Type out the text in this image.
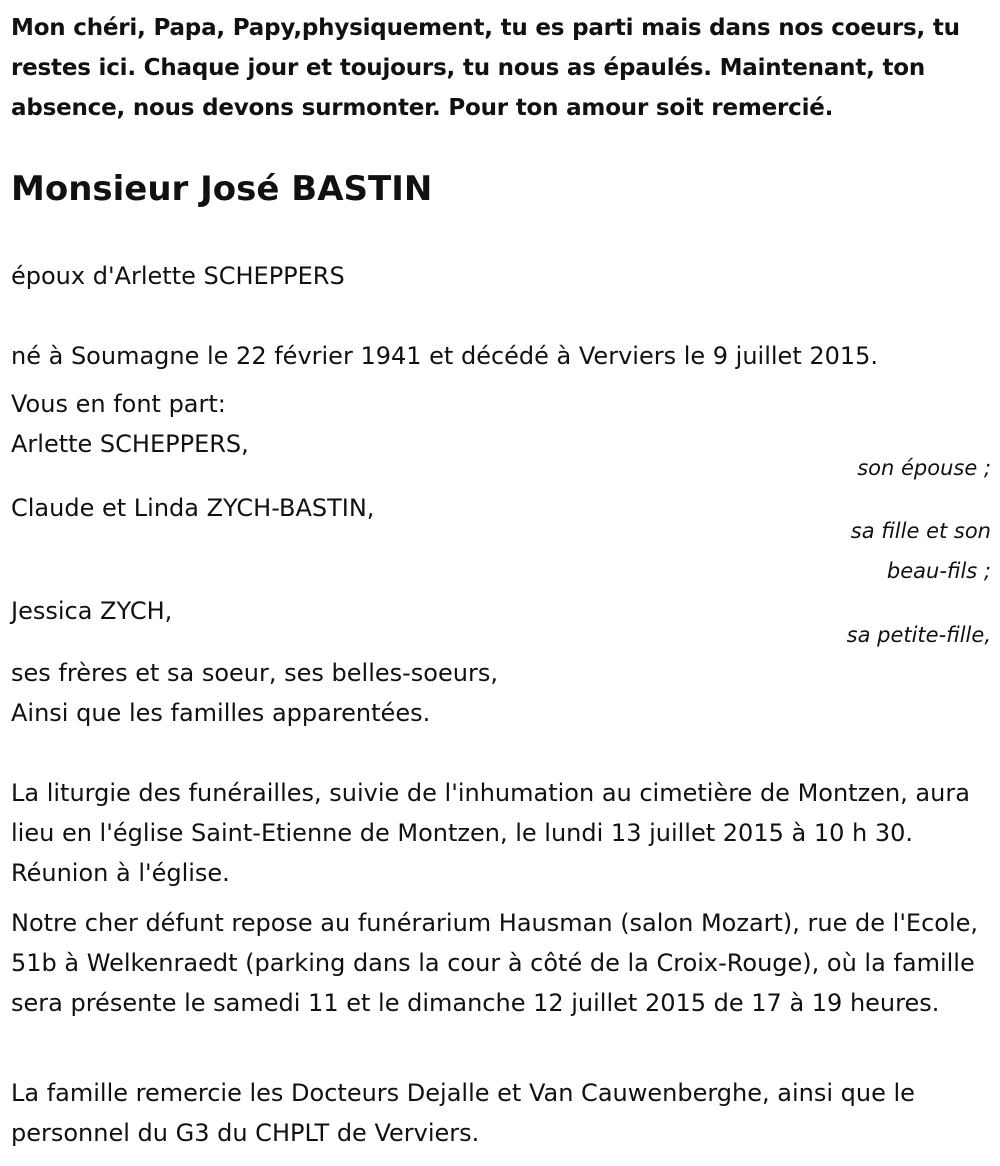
Mon chéri, Papa, Papy,physiquement, tu es parti mais dans nos coeurs, tu restes ici. Chaque jour et toujours, tu nous as épaulés. Maintenant, ton absence, nous devons surmonter. Pour ton amour soit remercié.

Monsieur José BASTIN

époux d'Arlette SCHEPPERS

né à Soumagne le 22 février 1941 et décédé à Verviers le 9 juillet 2015.

Vous en font part:

Arlette SCHEPPERS,

son épouse ;

Claude et Linda ZYCH-BASTIN,

sa fille et son
beau-fils ;

Jessica ZYCH,

sa petite-fille,

ses frères et sa soeur, ses belles-soeurs,

Ainsi que les familles apparentées.

La liturgie des funérailles, suivie de l'inhumation au cimetière de Montzen, aura lieu en l'église Saint-Etienne de Montzen, le lundi 13 juillet 2015 à 10 h 30. Réunion à l'église.

Notre cher défunt repose au funérarium Hausman (salon Mozart), rue de l'Ecole, 51b à Welkenraedt (parking dans la cour à côté de la Croix-Rouge), où la famille sera présente le samedi 11 et le dimanche 12 juillet 2015 de 17 à 19 heures.

La famille remercie les Docteurs Dejalle et Van Cauwenberghe, ainsi que le personnel du G3 du CHPLT de Verviers.
